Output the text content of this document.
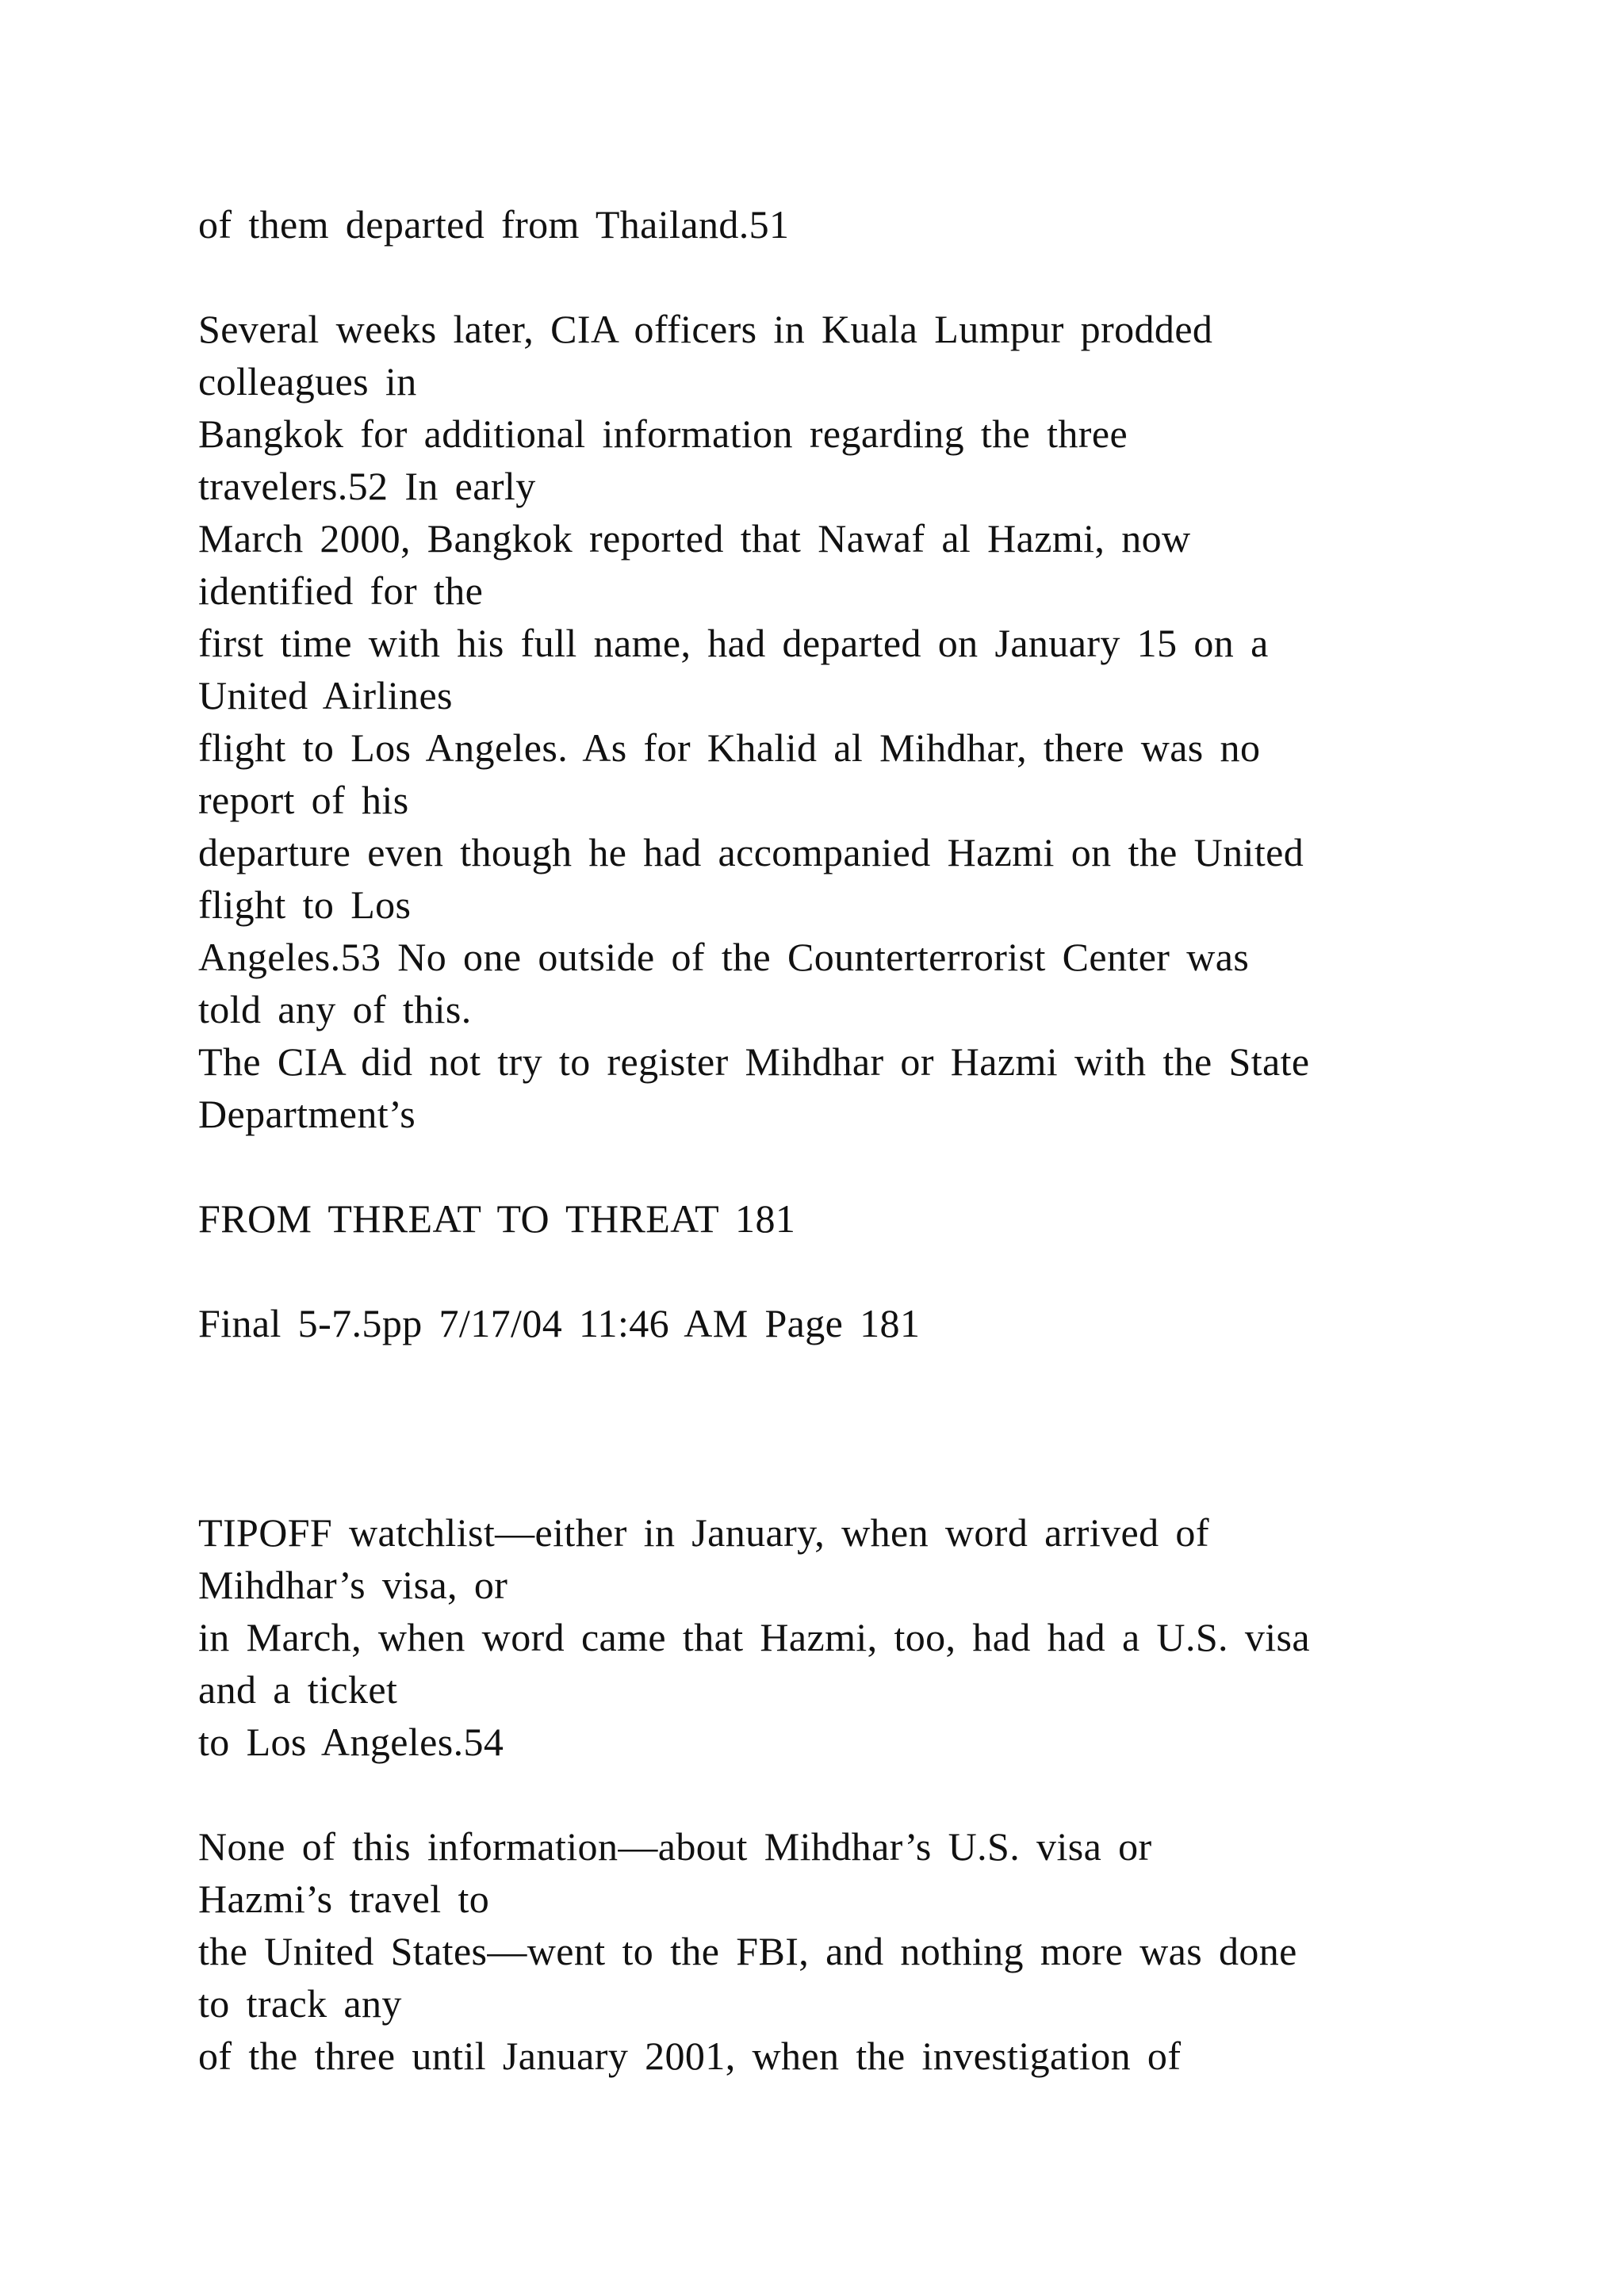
of them departed from Thailand.51
Several weeks later, CIA officers in Kuala Lumpur prodded
colleagues in
Bangkok for additional information regarding the three
travelers.52 In early
March 2000, Bangkok reported that Nawaf al Hazmi, now
identified for the
first time with his full name, had departed on January 15 on a
United Airlines
flight to Los Angeles. As for Khalid al Mihdhar, there was no
report of his
departure even though he had accompanied Hazmi on the United
flight to Los
Angeles.53 No one outside of the Counterterrorist Center was
told any of this.
The CIA did not try to register Mihdhar or Hazmi with the State
Department’s
FROM THREAT TO THREAT 181
Final 5-7.5pp 7/17/04 11:46 AM Page 181
TIPOFF watchlist—either in January, when word arrived of
Mihdhar’s visa, or
in March, when word came that Hazmi, too, had had a U.S. visa
and a ticket
to Los Angeles.54
None of this information—about Mihdhar’s U.S. visa or
Hazmi’s travel to
the United States—went to the FBI, and nothing more was done
to track any
of the three until January 2001, when the investigation of
